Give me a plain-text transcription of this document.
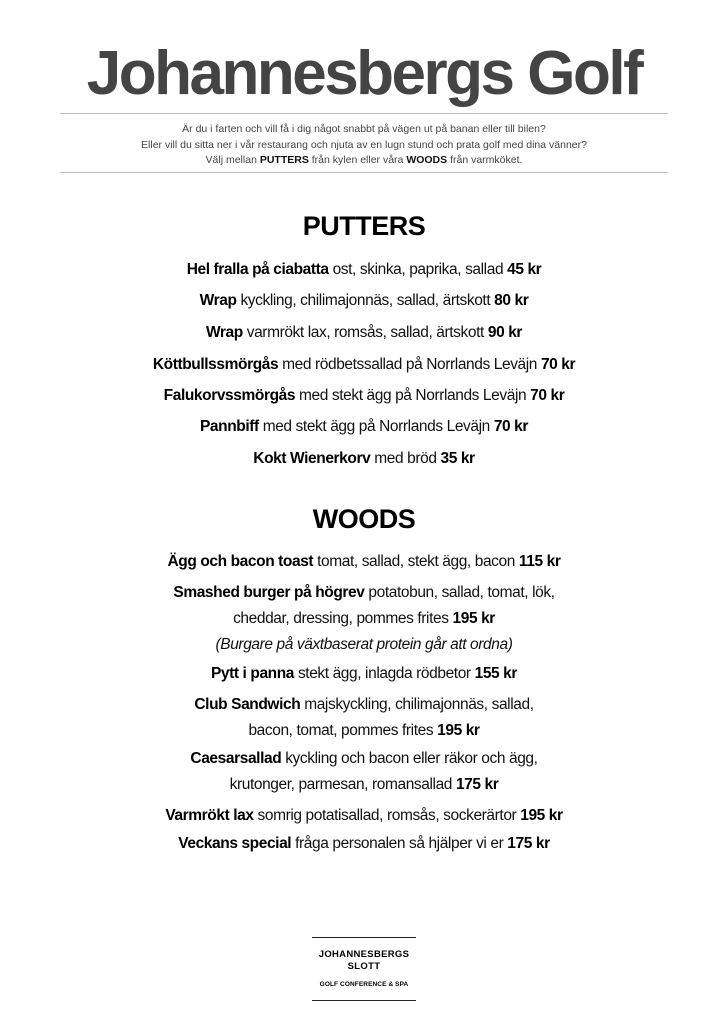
Johannesbergs Golf
Är du i farten och vill få i dig något snabbt på vägen ut på banan eller till bilen?
Eller vill du sitta ner i vår restaurang och njuta av en lugn stund och prata golf med dina vänner?
Välj mellan PUTTERS från kylen eller våra WOODS från varmköket.
PUTTERS
Hel fralla på ciabatta ost, skinka, paprika, sallad 45 kr
Wrap kyckling, chilimajonnäs, sallad, ärtskott 80 kr
Wrap varmrökt lax, romsås, sallad, ärtskott 90 kr
Köttbullssmörgås med rödbetssallad på Norrlands Leväjn 70 kr
Falukorvssmörgås med stekt ägg på Norrlands Leväjn 70 kr
Pannbiff med stekt ägg på Norrlands Leväjn 70 kr
Kokt Wienerkorv med bröd 35 kr
WOODS
Ägg och bacon toast tomat, sallad, stekt ägg, bacon 115 kr
Smashed burger på högrev potatobun, sallad, tomat, lök,
cheddar, dressing, pommes frites 195 kr
(Burgare på växtbaserat protein går att ordna)
Pytt i panna stekt ägg, inlagda rödbetor 155 kr
Club Sandwich majskyckling, chilimajonnäs, sallad,
bacon, tomat, pommes frites 195 kr
Caesarsallad kyckling och bacon eller räkor och ägg,
krutonger, parmesan, romansallad 175 kr
Varmrökt lax somrig potatisallad, romsås, sockerärtor 195 kr
Veckans special fråga personalen så hjälper vi er 175 kr
JOHANNESBERGS
SLOTT
GOLF CONFERENCE & SPA
